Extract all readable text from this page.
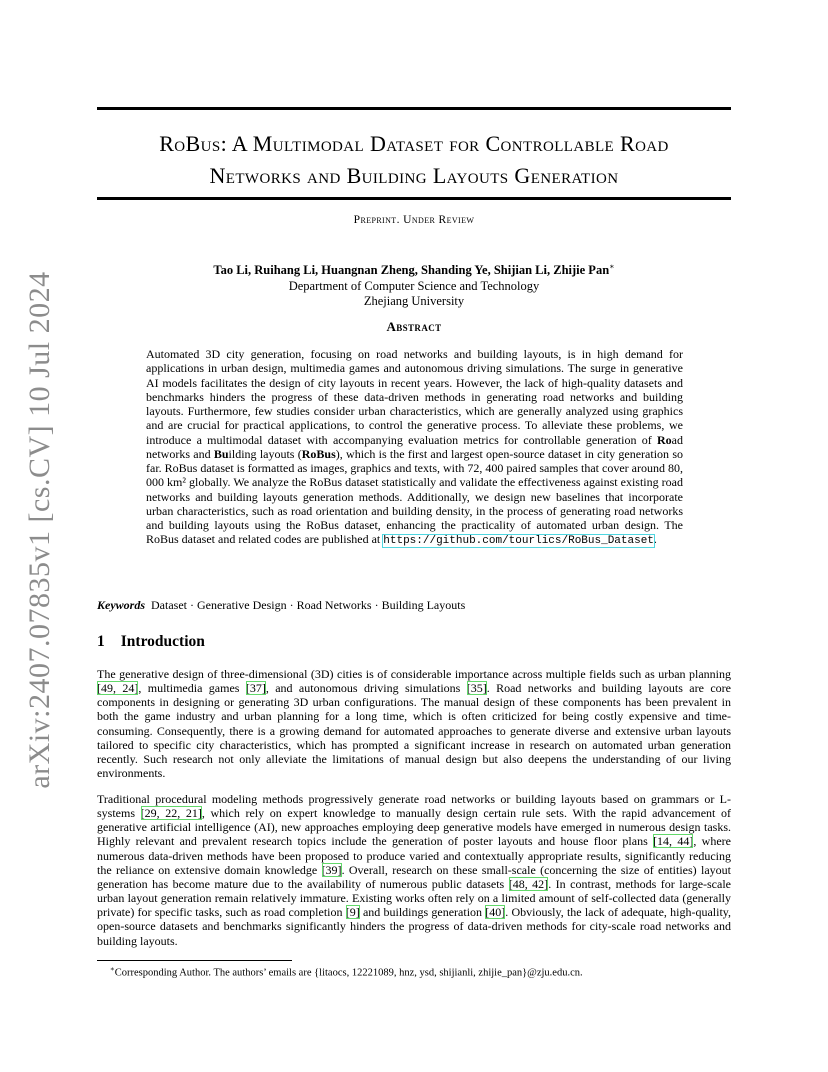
arXiv:2407.07835v1 [cs.CV] 10 Jul 2024
RoBus: A Multimodal Dataset for Controllable Road
Networks and Building Layouts Generation
Preprint. Under Review
Tao Li, Ruihang Li, Huangnan Zheng, Shanding Ye, Shijian Li, Zhijie Pan∗
Department of Computer Science and Technology
Zhejiang University
Abstract
Automated 3D city generation, focusing on road networks and building layouts, is in high demand for applications in urban design, multimedia games and autonomous driving simulations. The surge in generative AI models facilitates the design of city layouts in recent years. However, the lack of high-quality datasets and benchmarks hinders the progress of these data-driven methods in generating road networks and building layouts. Furthermore, few studies consider urban characteristics, which are generally analyzed using graphics and are crucial for practical applications, to control the generative process. To alleviate these problems, we introduce a multimodal dataset with accompanying evaluation metrics for controllable generation of Road networks and Building layouts (RoBus), which is the first and largest open-source dataset in city generation so far. RoBus dataset is formatted as images, graphics and texts, with 72, 400 paired samples that cover around 80, 000 km² globally. We analyze the RoBus dataset statistically and validate the effectiveness against existing road networks and building layouts generation methods. Additionally, we design new baselines that incorporate urban characteristics, such as road orientation and building density, in the process of generating road networks and building layouts using the RoBus dataset, enhancing the practicality of automated urban design. The RoBus dataset and related codes are published at https://github.com/tourlics/RoBus_Dataset.
Keywords Dataset · Generative Design · Road Networks · Building Layouts
1 Introduction
The generative design of three-dimensional (3D) cities is of considerable importance across multiple fields such as urban planning [49, 24], multimedia games [37], and autonomous driving simulations [35]. Road networks and building layouts are core components in designing or generating 3D urban configurations. The manual design of these components has been prevalent in both the game industry and urban planning for a long time, which is often criticized for being costly expensive and time-consuming. Consequently, there is a growing demand for automated approaches to generate diverse and extensive urban layouts tailored to specific city characteristics, which has prompted a significant increase in research on automated urban generation recently. Such research not only alleviate the limitations of manual design but also deepens the understanding of our living environments.
Traditional procedural modeling methods progressively generate road networks or building layouts based on grammars or L-systems [29, 22, 21], which rely on expert knowledge to manually design certain rule sets. With the rapid advancement of generative artificial intelligence (AI), new approaches employing deep generative models have emerged in numerous design tasks. Highly relevant and prevalent research topics include the generation of poster layouts and house floor plans [14, 44], where numerous data-driven methods have been proposed to produce varied and contextually appropriate results, significantly reducing the reliance on extensive domain knowledge [39]. Overall, research on these small-scale (concerning the size of entities) layout generation has become mature due to the availability of numerous public datasets [48, 42]. In contrast, methods for large-scale urban layout generation remain relatively immature. Existing works often rely on a limited amount of self-collected data (generally private) for specific tasks, such as road completion [9] and buildings generation [40]. Obviously, the lack of adequate, high-quality, open-source datasets and benchmarks significantly hinders the progress of data-driven methods for city-scale road networks and building layouts.
∗Corresponding Author. The authors’ emails are {litaocs, 12221089, hnz, ysd, shijianli, zhijie_pan}@zju.edu.cn.
